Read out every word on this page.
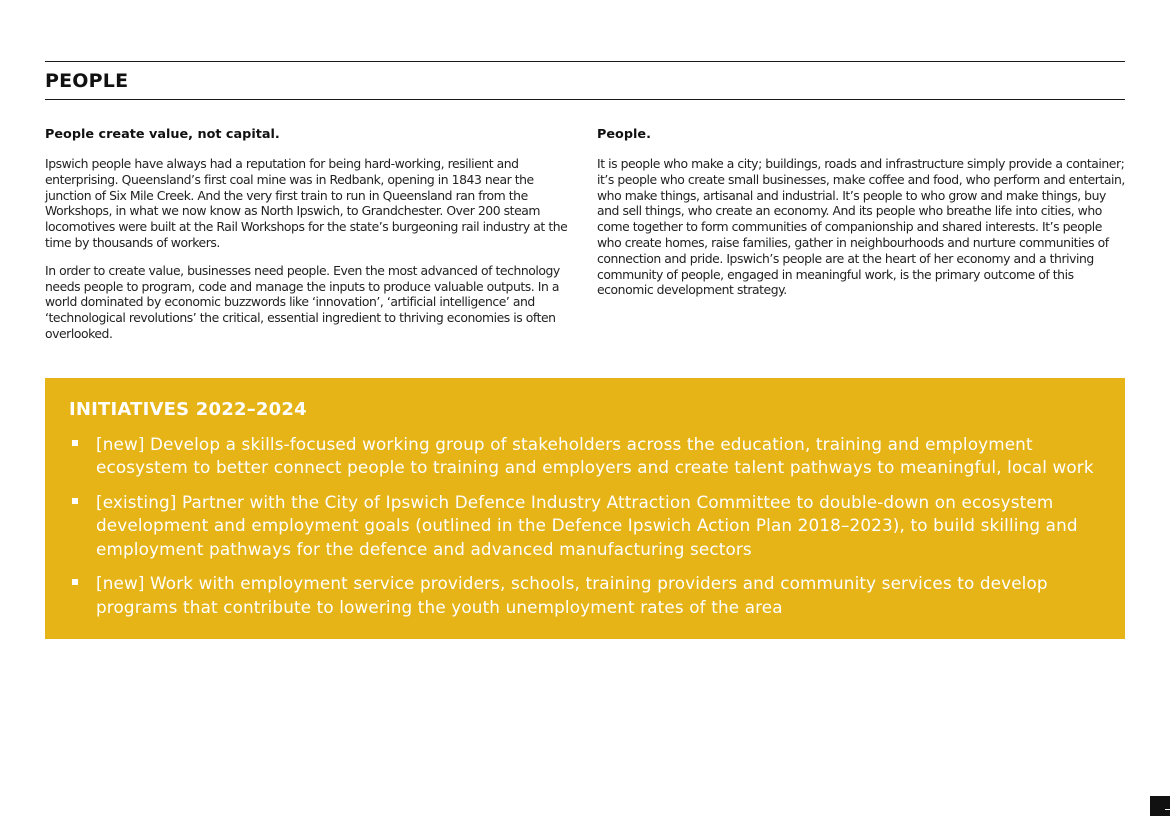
PEOPLE
People create value, not capital.

Ipswich people have always had a reputation for being hard-working, resilient and enterprising. Queensland’s first coal mine was in Redbank, opening in 1843 near the junction of Six Mile Creek. And the very first train to run in Queensland ran from the Workshops, in what we now know as North Ipswich, to Grandchester. Over 200 steam locomotives were built at the Rail Workshops for the state’s burgeoning rail industry at the time by thousands of workers.

In order to create value, businesses need people. Even the most advanced of technology needs people to program, code and manage the inputs to produce valuable outputs. In a world dominated by economic buzzwords like ‘innovation’, ‘artificial intelligence’ and ‘technological revolutions’ the critical, essential ingredient to thriving economies is often overlooked.

People.

It is people who make a city; buildings, roads and infrastructure simply provide a container; it’s people who create small businesses, make coffee and food, who perform and entertain, who make things, artisanal and industrial. It’s people to who grow and make things, buy and sell things, who create an economy. And its people who breathe life into cities, who come together to form communities of companionship and shared interests. It’s people who create homes, raise families, gather in neighbourhoods and nurture communities of connection and pride. Ipswich’s people are at the heart of her economy and a thriving community of people, engaged in meaningful work, is the primary outcome of this economic development strategy.

INITIATIVES 2022–2024
[new] Develop a skills-focused working group of stakeholders across the education, training and employment ecosystem to better connect people to training and employers and create talent pathways to meaningful, local work
[existing] Partner with the City of Ipswich Defence Industry Attraction Committee to double-down on ecosystem development and employment goals (outlined in the Defence Ipswich Action Plan 2018–2023), to build skilling and employment pathways for the defence and advanced manufacturing sectors
[new] Work with employment service providers, schools, training providers and community services to develop programs that contribute to lowering the youth unemployment rates of the area
